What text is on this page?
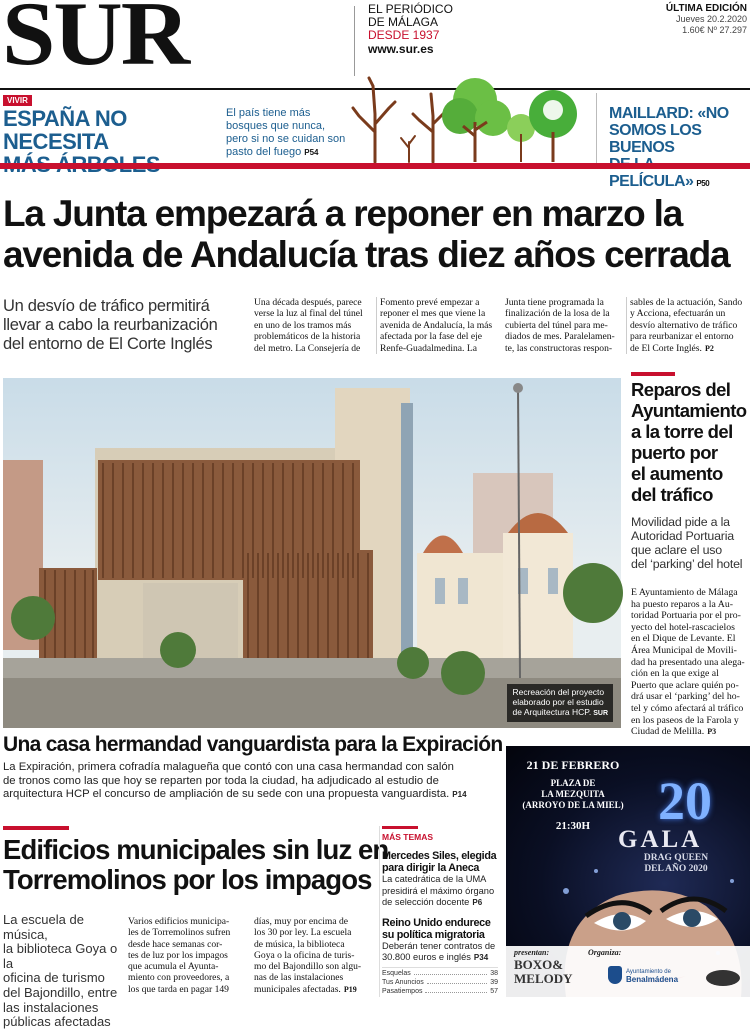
SUR	EL PERIÓDICO
DE MÁLAGA
DESDE 1937
www.sur.es
ÚLTIMA EDICIÓN
Jueves 20.2.2020
1.60€ Nº 27.297
VIVIR
ESPAÑA NO NECESITA
El país tiene más
bosques que nunca,
pero si no se cuidan son
pasto del fuego P54
MAILLARD: «NO
SOMOS LOS BUENOS
PELÍCULA» P50
La Junta empezará a reponer en marzo la
avenida de Andalucía tras diez años cerrada
Un desvío de tráfico permitirá
llevar a cabo la reurbanización
del entorno de El Corte Inglés
Una década después, parece
verse la luz al final del túnel
en uno de los tramos más
problemáticos de la historia
del metro. La Consejería de
Fomento prevé empezar a
reponer el mes que viene la
avenida de Andalucía, la más
afectada por la fase del eje
Renfe-Guadalmedina. La
Junta tiene programada la
finalización de la losa de la
cubierta del túnel para me-
diados de mes. Paralelamen-
te, las constructoras respon-
sables de la actuación, Sando
y Acciona, efectuarán un
desvío alternativo de tráfico
para reurbanizar el entorno
de El Corte Inglés. P2
Recreación del proyecto
elaborado por el estudio
de Arquitectura HCP. SUR
Reparos del
Ayuntamiento
a la torre del
puerto por
el aumento
del tráfico
Movilidad pide a la
Autoridad Portuaria
que aclare el uso
del ‘parking’ del hotel
E Ayuntamiento de Málaga
ha puesto reparos a la Au-
toridad Portuaria por el pro-
yecto del hotel-rascacielos
en el Dique de Levante. El
Área Municipal de Movili-
dad ha presentado una alega-
ción en la que exige al
Puerto que aclare quién po-
drá usar el ‘parking’ del ho-
tel y cómo afectará al tráfico
en los paseos de la Farola y
Ciudad de Melilla. P3
Una casa hermandad vanguardista para la Expiración
La Expiración, primera cofradía malagueña que contó con una casa hermandad con salón
de tronos como las que hoy se reparten por toda la ciudad, ha adjudicado al estudio de
arquitectura HCP el concurso de ampliación de su sede con una propuesta vanguardista. P14
Edificios municipales sin luz en
Torremolinos por los impagos
La escuela de música,
la biblioteca Goya o la
oficina de turismo
del Bajondillo, entre
las instalaciones
públicas afectadas
Varios edificios municipa-
les de Torremolinos sufren
desde hace semanas cor-
tes de luz por los impagos
que acumula el Ayunta-
miento con proveedores, a
los que tarda en pagar 149
días, muy por encima de
los 30 por ley. La escuela
de música, la biblioteca
Goya o la oficina de turis-
mo del Bajondillo son algu-
nas de las instalaciones
municipales afectadas. P19
MÁS TEMAS
Mercedes Siles, elegida
para dirigir la Aneca
La catedrática de la UMA
presidirá el máximo órgano
de selección docente P6
Reino Unido endurece
su política migratoria
Deberán tener contratos de
30.800 euros e inglés P34
Esquelas	38
Tus Anuncios	39
Pasatiempos	57
21 DE FEBRERO
PLAZA DE
LA MEZQUITA
(ARROYO DE LA MIEL)
21:30H	20
GALA
DRAG QUEEN
DEL AÑO 2020
presentan:
BOXO&
MELODY
Organiza:
Ayuntamiento de
Benalmádena
